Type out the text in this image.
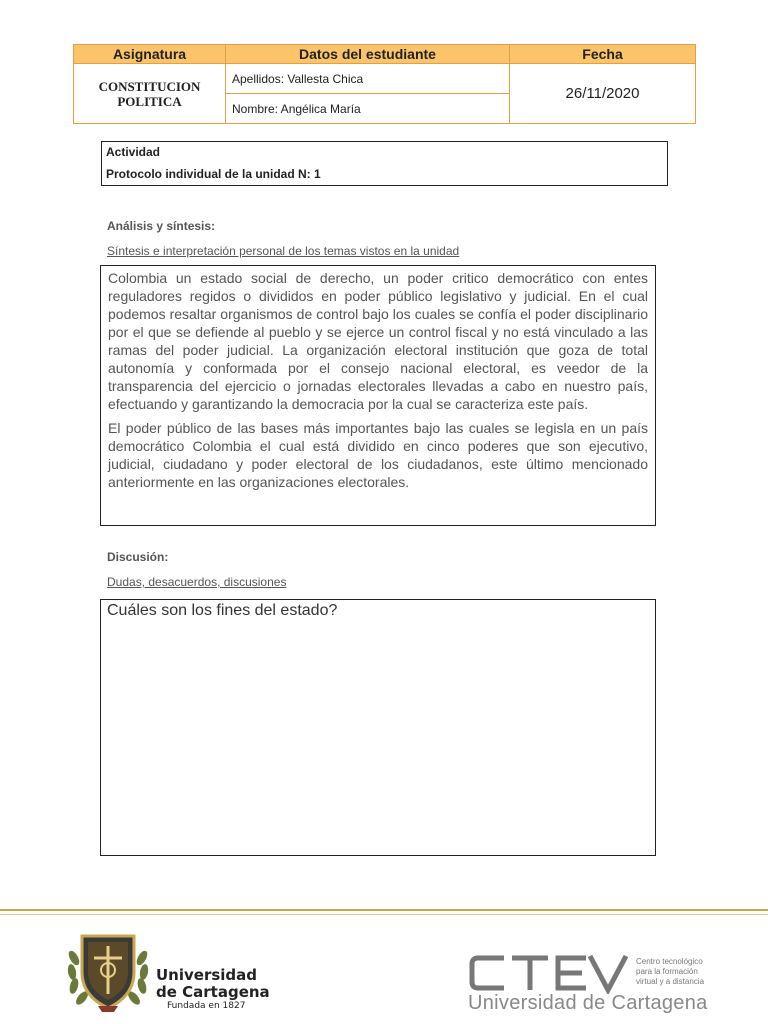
Asignatura	Datos del estudiante	Fecha

CONSTITUCION
POLITICA	Apellidos: Vallesta Chica	26/11/2020
	Nombre: Angélica María	
Actividad
Protocolo individual de la unidad N: 1
Análisis y síntesis:
Síntesis e interpretación personal de los temas vistos en la unidad

Colombia un estado social de derecho, un poder critico democrático con entes reguladores regidos o divididos en poder público legislativo y judicial. En el cual podemos resaltar organismos de control bajo los cuales se confía el poder disciplinario por el que se defiende al pueblo y se ejerce un control fiscal y no está vinculado a las ramas del poder judicial. La organización electoral institución que goza de total autonomía y conformada por el consejo nacional electoral, es veedor de la transparencia del ejercicio o jornadas electorales llevadas a cabo en nuestro país, efectuando y garantizando la democracia por la cual se caracteriza este país.

El poder público de las bases más importantes bajo las cuales se legisla en un país democrático Colombia el cual está dividido en cinco poderes que son ejecutivo, judicial, ciudadano y poder electoral de los ciudadanos, este último mencionado anteriormente en las organizaciones electorales.

Discusión:
Dudas, desacuerdos, discusiones
Cuáles son los fines del estado?
Universidad
de Cartagena
Fundada en 1827
Centro tecnológico
para la formación
virtual y a distancia
Universidad de Cartagena
